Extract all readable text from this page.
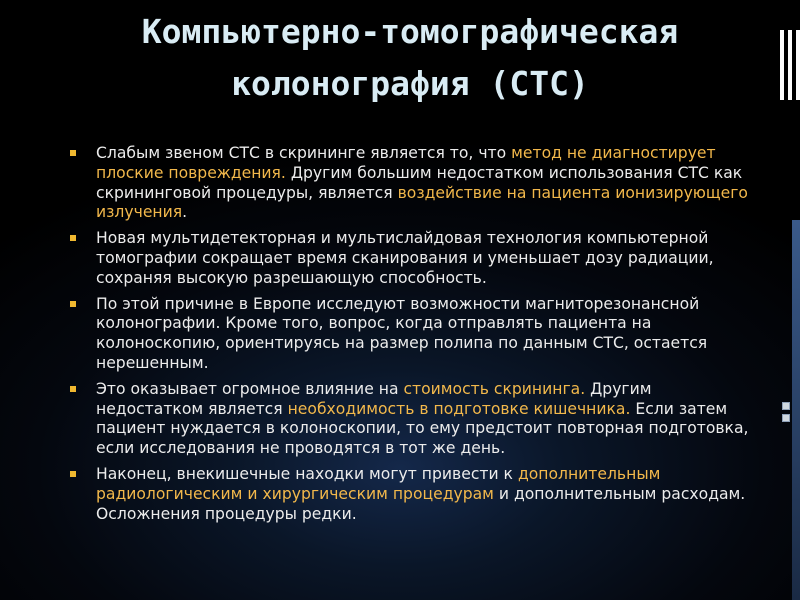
Компьютерно-томографическая
колонография (CTC)
Слабым звеном СТС в скрининге является то, что метод не диагностирует плоские повреждения. Другим большим недостатком использования СТС как скрининговой процедуры, является воздействие на пациента ионизирующего излучения.
Новая мультидетекторная и мультислайдовая технология компьютерной томографии сокращает время сканирования и уменьшает дозу радиации, сохраняя высокую разрешающую способность.
По этой причине в Европе исследуют возможности магниторезонансной колонографии. Кроме того, вопрос, когда отправлять пациента на колоноскопию, ориентируясь на размер полипа по данным СТС, остается нерешенным.
Это оказывает огромное влияние на стоимость скрининга. Другим недостатком является необходимость в подготовке кишечника. Если затем пациент нуждается в колоноскопии, то ему предстоит повторная подготовка, если исследования не проводятся в тот же день.
Наконец, внекишечные находки могут привести к дополнительным радиологическим и хирургическим процедурам и дополнительным расходам. Осложнения процедуры редки.
